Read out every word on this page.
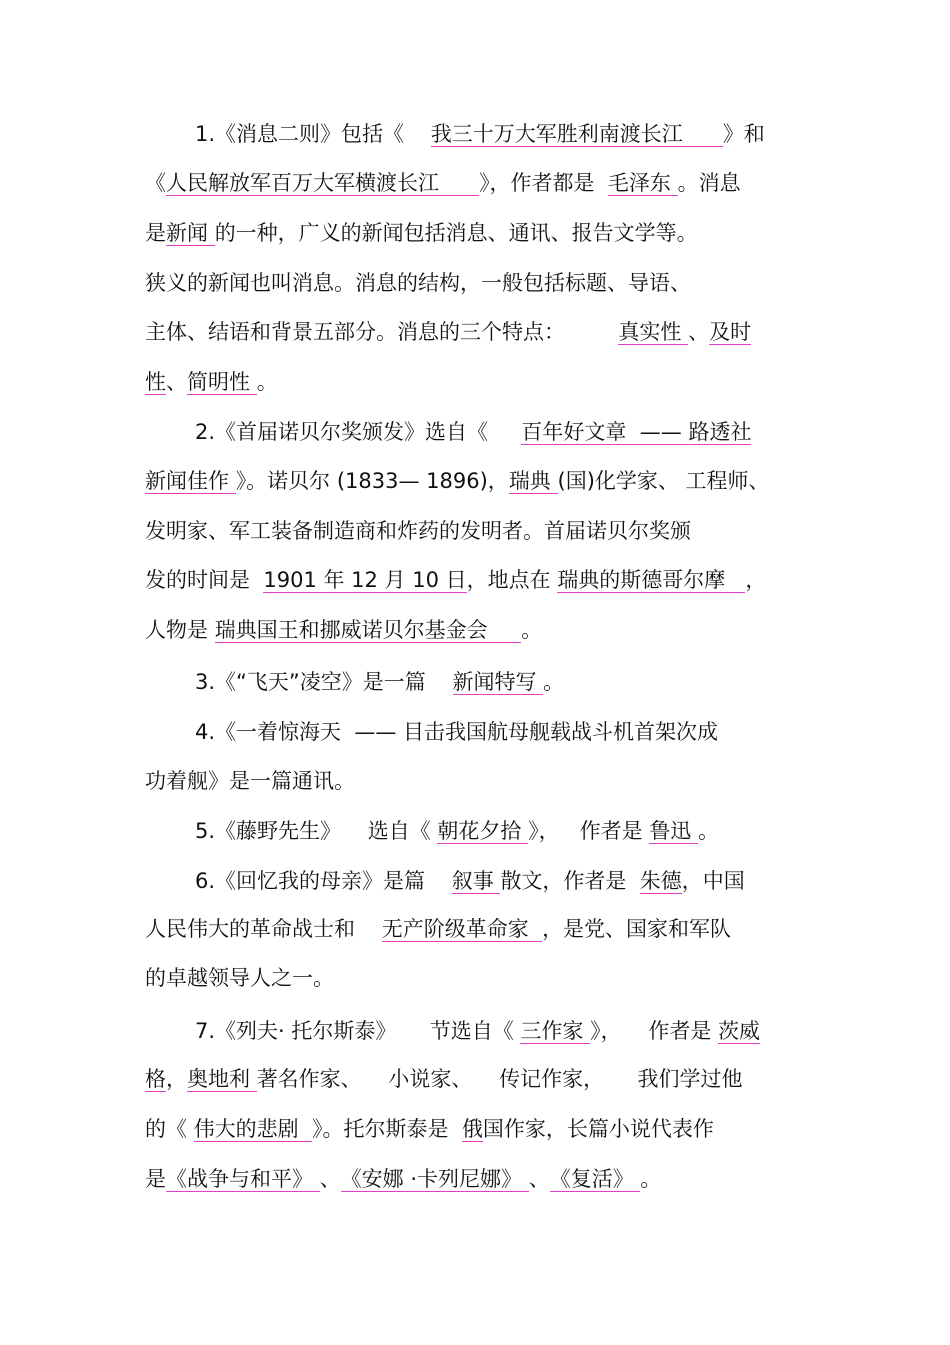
1.《消息二则》包括《    我三十万大军胜利南渡长江      》和
《人民解放军百万大军横渡长江      》，作者都是  毛泽东 。消息
是新闻 的一种，广义的新闻包括消息、通讯、报告文学等。
狭义的新闻也叫消息。消息的结构，一般包括标题、导语、
主体、结语和背景五部分。消息的三个特点：        真实性 、及时
性、简明性 。
2.《首届诺贝尔奖颁发》选自《     百年好文章  —— 路透社
新闻佳作 》。诺贝尔 (1833— 1896)，瑞典 (国)化学家、 工程师、
发明家、军工装备制造商和炸药的发明者。首届诺贝尔奖颁
发的时间是  1901 年 12 月 10 日，地点在 瑞典的斯德哥尔摩   ，
人物是 瑞典国王和挪威诺贝尔基金会     。
3.《“飞天”凌空》是一篇    新闻特写 。
4.《一着惊海天  —— 目击我国航母舰载战斗机首架次成
功着舰》是一篇通讯。
5.《藤野先生》    选自《 朝花夕拾 》，   作者是 鲁迅 。
6.《回忆我的母亲》是篇    叙事 散文，作者是  朱德，中国
人民伟大的革命战士和    无产阶级革命家  ，是党、国家和军队
的卓越领导人之一。
7.《列夫· 托尔斯泰》     节选自《 三作家 》，    作者是 茨威
格，奥地利 著名作家、    小说家、    传记作家，     我们学过他
的《 伟大的悲剧  》。托尔斯泰是  俄国作家，长篇小说代表作
是《战争与和平》 、《安娜 ·卡列尼娜》 、《复活》 。
